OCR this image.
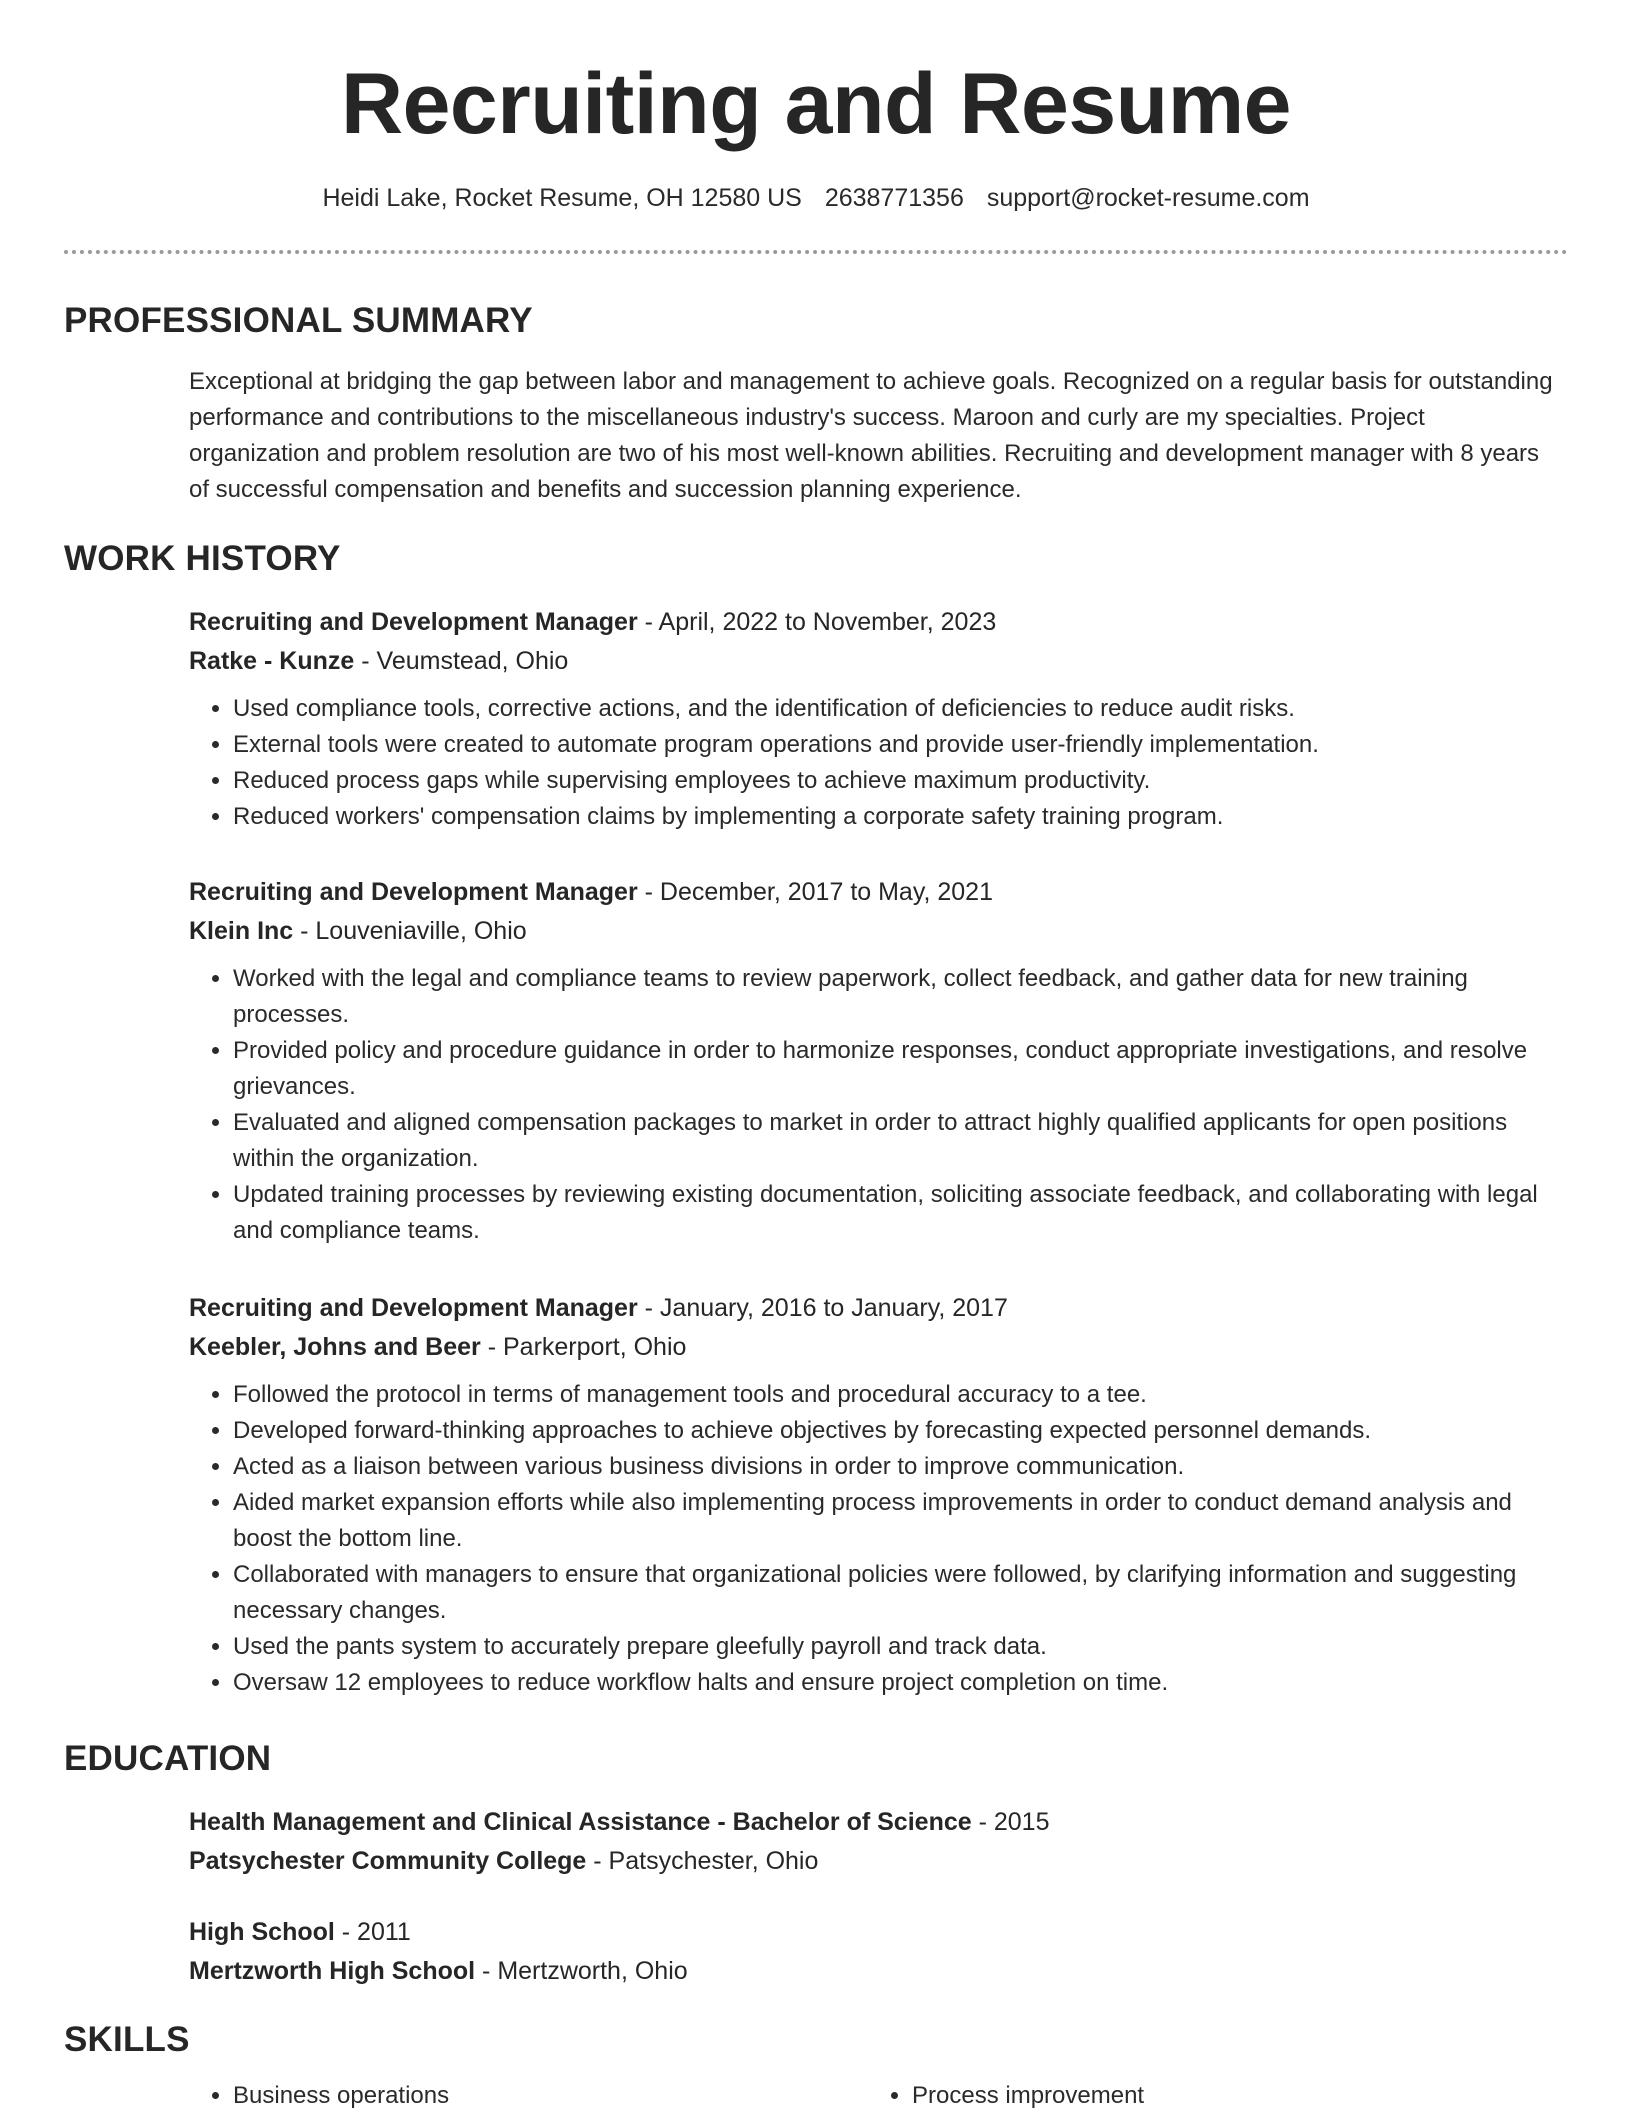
Recruiting and Resume
Heidi Lake, Rocket Resume, OH 12580 US 2638771356 support@rocket-resume.com
PROFESSIONAL SUMMARY
Exceptional at bridging the gap between labor and management to achieve goals. Recognized on a regular basis for outstanding performance and contributions to the miscellaneous industry's success. Maroon and curly are my specialties. Project organization and problem resolution are two of his most well-known abilities. Recruiting and development manager with 8 years of successful compensation and benefits and succession planning experience.
WORK HISTORY
Recruiting and Development Manager - April, 2022 to November, 2023
Ratke - Kunze - Veumstead, Ohio
• Used compliance tools, corrective actions, and the identification of deficiencies to reduce audit risks.
• External tools were created to automate program operations and provide user-friendly implementation.
• Reduced process gaps while supervising employees to achieve maximum productivity.
• Reduced workers' compensation claims by implementing a corporate safety training program.
Recruiting and Development Manager - December, 2017 to May, 2021
Klein Inc - Louveniaville, Ohio
• Worked with the legal and compliance teams to review paperwork, collect feedback, and gather data for new training processes.
• Provided policy and procedure guidance in order to harmonize responses, conduct appropriate investigations, and resolve grievances.
• Evaluated and aligned compensation packages to market in order to attract highly qualified applicants for open positions within the organization.
• Updated training processes by reviewing existing documentation, soliciting associate feedback, and collaborating with legal and compliance teams.
Recruiting and Development Manager - January, 2016 to January, 2017
Keebler, Johns and Beer - Parkerport, Ohio
• Followed the protocol in terms of management tools and procedural accuracy to a tee.
• Developed forward-thinking approaches to achieve objectives by forecasting expected personnel demands.
• Acted as a liaison between various business divisions in order to improve communication.
• Aided market expansion efforts while also implementing process improvements in order to conduct demand analysis and boost the bottom line.
• Collaborated with managers to ensure that organizational policies were followed, by clarifying information and suggesting necessary changes.
• Used the pants system to accurately prepare gleefully payroll and track data.
• Oversaw 12 employees to reduce workflow halts and ensure project completion on time.
EDUCATION
Health Management and Clinical Assistance - Bachelor of Science - 2015
Patsychester Community College - Patsychester, Ohio
High School - 2011
Mertzworth High School - Mertzworth, Ohio
SKILLS
• Business operations
•	Process improvement
